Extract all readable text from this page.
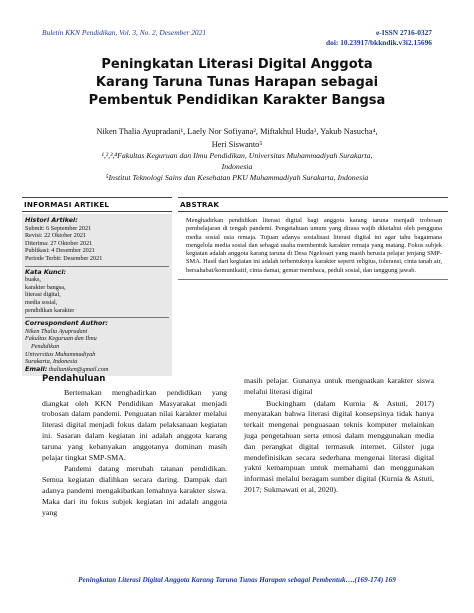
Buletin KKN Pendidikan, Vol. 3, No. 2, Desember 2021	e-ISSN 2716-0327
doi: 10.23917/bkkndik.v3i2.15696
Peningkatan Literasi Digital Anggota
Karang Taruna Tunas Harapan sebagai
Pembentuk Pendidikan Karakter Bangsa
Niken Thalia Ayupradani¹, Laely Nor Sofiyana², Miftakhul Huda³, Yakub Nasucha⁴,
Heri Siswanto⁵
¹,²,³,⁴Fakultas Keguruan dan Ilmu Pendidikan, Universitas Muhammadiyah Surakarta,
Indonesia
⁵Institut Teknologi Sains dan Kesehatan PKU Muhammadiyah Surakarta, Indonesia
INFORMASI ARTIKEL
Histori Artikel:
Submit: 6 September 2021
Revisi: 22 Oktober 2021
Diterima: 27 Oktober 2021
Publikasi: 4 Desember 2021
Periode Terbit: Desember 2021
Kata Kunci:
buaks,
karakter bangsa,
literasi digital,
media sosial,
pendidikan karakter
Correspondent Author:
Niken Thalia Ayupradani
Fakultas Keguruan dan Ilmu
Pendidikan
Universitas Muhammadiyah
Surakarta, Indonesia
Email: thalianiken@gmail.com
ABSTRAK
Menghadirkan pendidikan literasi digital bagi anggota karang taruna menjadi trobosan pembelajaran di tengah pandemi. Pengetahuan umum yang dirasa wajib diketahui oleh pengguna media sosial usia remaja. Tujuan adanya sosialisasi literasi digital ini agar tahu bagaimana mengelola media sosial dan sebagai usaha membentuk karakter remaja yang matang. Fokus subjek kegiatan adalah anggota karang taruna di Desa Ngelosari yang masih berusia pelajar jenjang SMP-SMA. Hasil dari kegiatan ini adalah terbentuknya karakter seperti religius, toleransi, cinta tanah air, bersahabat/komunikatif, cinta damai, gemar membaca, peduli sosial, dan tanggung jawab.
Pendahuluan

Bertemakan menghadirkan pendidikan yang diangkat oleh KKN Pendidikan Masyarakat menjadi trobosan dalam pandemi. Penguatan nilai karakter melalui literasi digital menjadi fokus dalam pelaksanaan kegiatan ini. Sasaran dalam kegiatan ini adalah anggota karang taruna yang kebanyakan anggotanya dominan masih pelajar tingkat SMP-SMA.

Pandemi datang merubah tatanan pendidikan. Semua kegiatan dialihkan secara daring. Dampak dari adanya pandemi mengakibatkan lemahnya karakter siswa. Maka dari itu fokus subjek kegiatan ini adalah anggota yang

masih pelajar. Gunanya untuk menguatkan karakter siswa melalui literasi digital

Buckingham (dalam Kurnia & Astuti, 2017) menyatakan bahwa literasi digital konsepsinya tidak hanya terkait mengenai penguasaan teknis komputer melainkan juga pengetahuan serta emosi dalam menggunakan media dan perangkat digital termasuk internet. Gilster juga mendefinisikan secara sederhana mengenai literasi digital yakni kemampuan untuk memahami dan menggunakan informasi melalui beragam sumber digital (Kurnia & Astuti, 2017; Sukmawati et al, 2020).

Peningkatan Literasi Digital Anggota Karang Taruna Tunas Harapan sebagai Pembentuk….(169-174) 169
